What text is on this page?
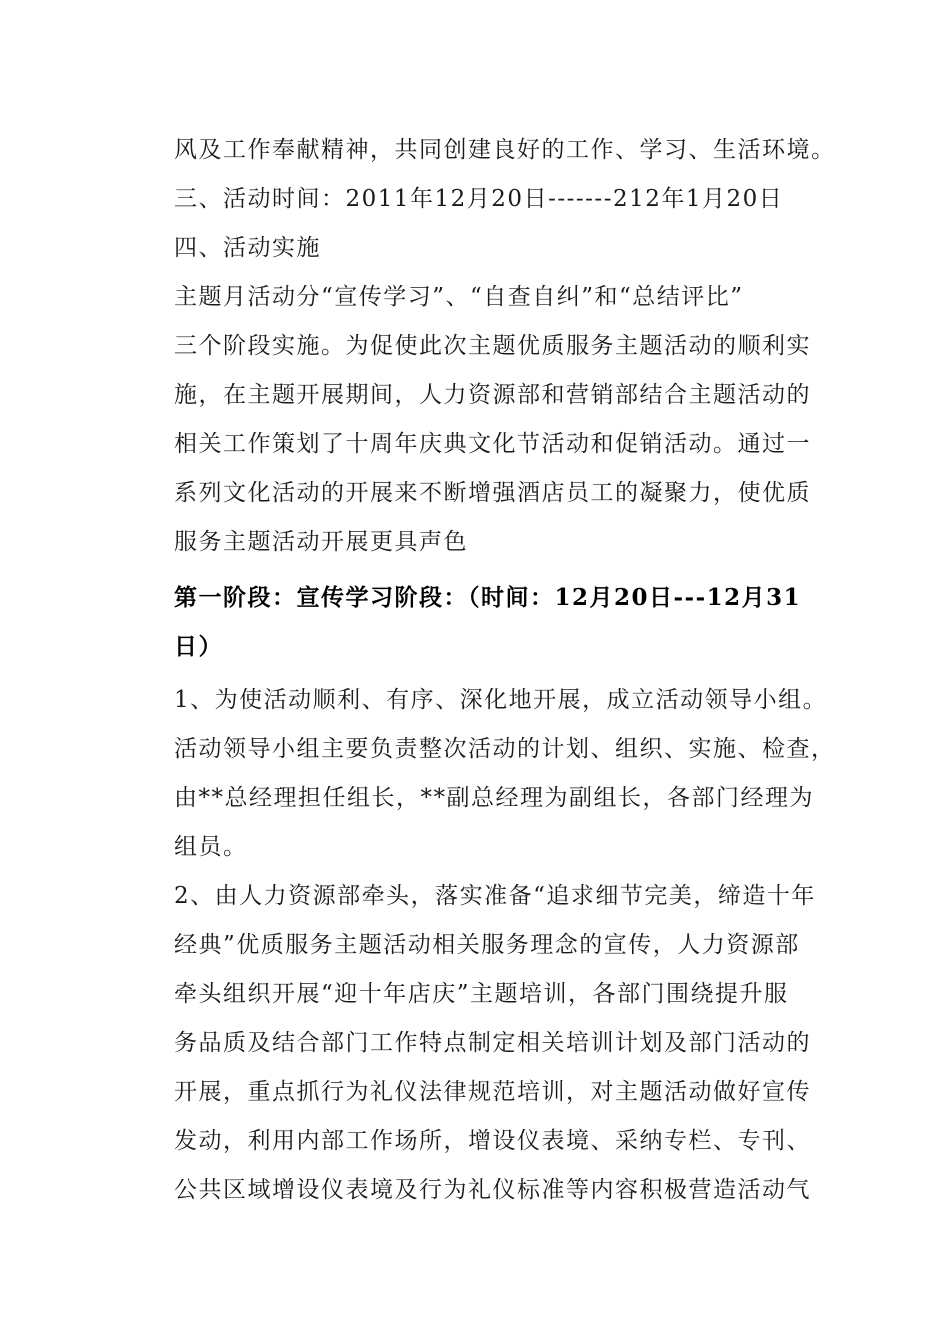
风及工作奉献精神，共同创建良好的工作、学习、生活环境。
三、活动时间：2011年12月20日-------212年1月20日
四、活动实施
主题月活动分“宣传学习”、“自查自纠”和“总结评比”
三个阶段实施。为促使此次主题优质服务主题活动的顺利实
施，在主题开展期间，人力资源部和营销部结合主题活动的
相关工作策划了十周年庆典文化节活动和促销活动。通过一
系列文化活动的开展来不断增强酒店员工的凝聚力，使优质
服务主题活动开展更具声色
第一阶段：宣传学习阶段：（时间：12月20日---12月31
日）
1、为使活动顺利、有序、深化地开展，成立活动领导小组。
活动领导小组主要负责整次活动的计划、组织、实施、检查，
由**总经理担任组长，**副总经理为副组长，各部门经理为
组员。
2、由人力资源部牵头，落实准备“追求细节完美，缔造十年
经典”优质服务主题活动相关服务理念的宣传，人力资源部
牵头组织开展“迎十年店庆”主题培训，各部门围绕提升服
务品质及结合部门工作特点制定相关培训计划及部门活动的
开展，重点抓行为礼仪法律规范培训，对主题活动做好宣传
发动，利用内部工作场所，增设仪表境、采纳专栏、专刊、
公共区域增设仪表境及行为礼仪标准等内容积极营造活动气
